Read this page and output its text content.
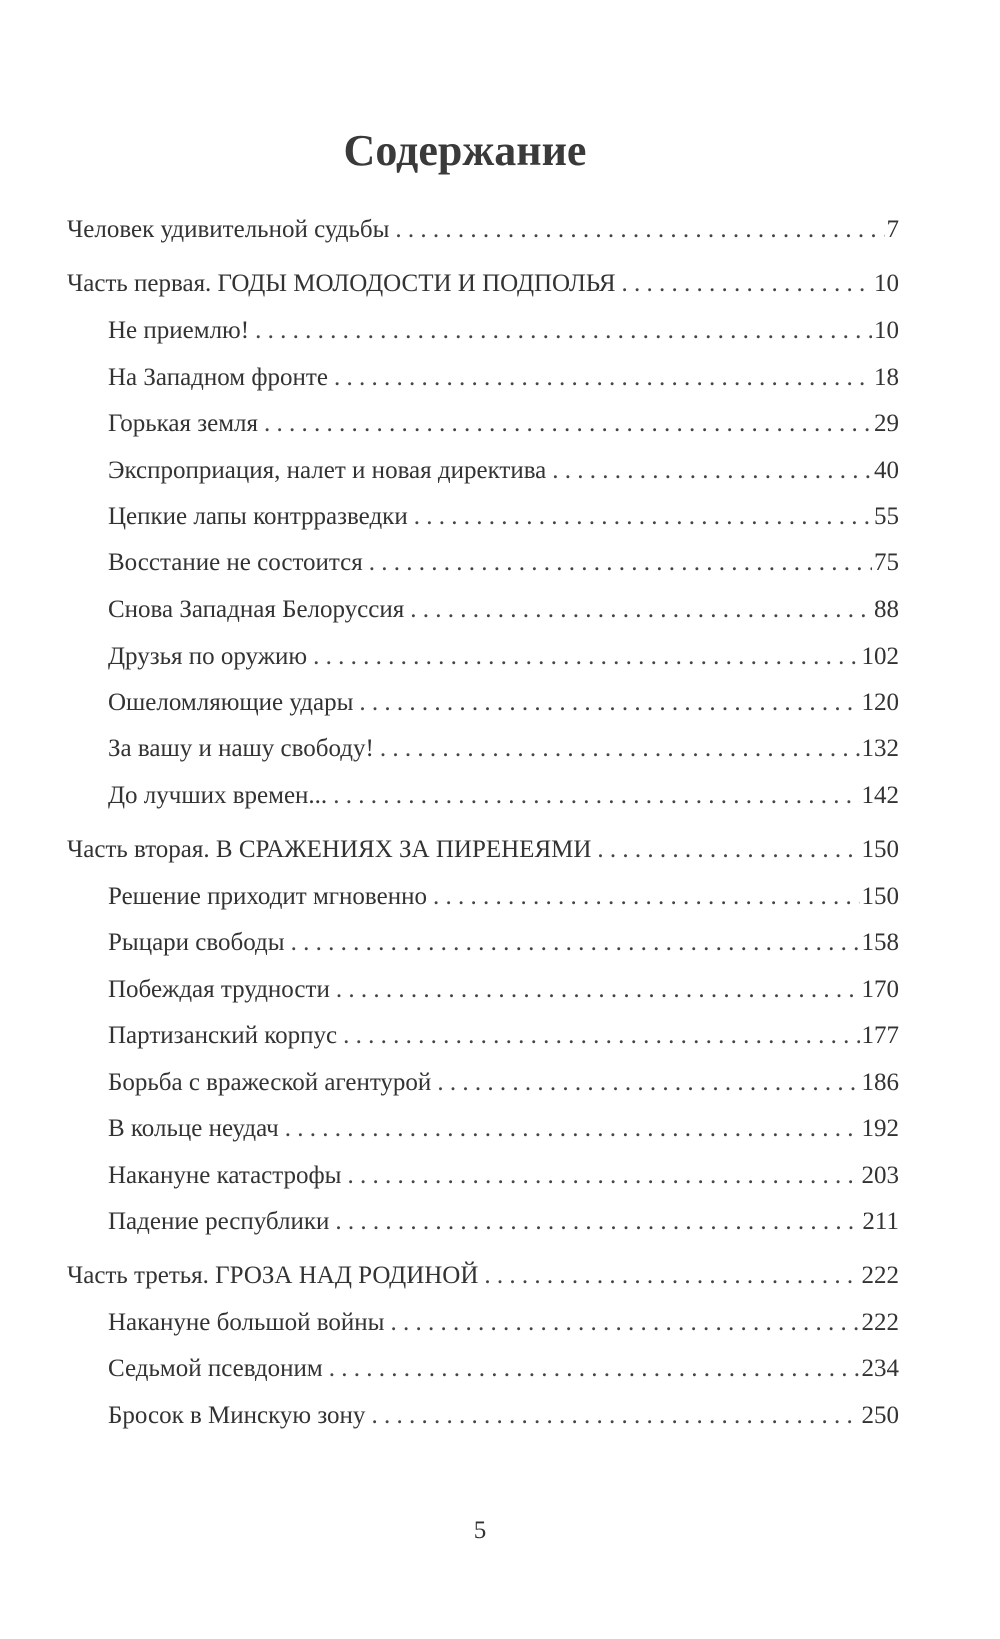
Содержание
Человек удивительной судьбы . . .	7
Часть первая. ГОДЫ МОЛОДОСТИ И ПОДПОЛЬЯ . . .	10
Не приемлю! . . .	10
На Западном фронте . . .	18
Горькая земля . . .	29
Экспроприация, налет и новая директива . . .	40
Цепкие лапы контрразведки . . .	55
Восстание не состоится . . .	75
Снова Западная Белоруссия . . .	88
Друзья по оружию . . .	102
Ошеломляющие удары . . .	120
За вашу и нашу свободу! . . .	132
До лучших времен... . . .	142
Часть вторая. В СРАЖЕНИЯХ ЗА ПИРЕНЕЯМИ . . .	150
Решение приходит мгновенно . . .	150
Рыцари свободы . . .	158
Побеждая трудности . . .	170
Партизанский корпус . . .	177
Борьба с вражеской агентурой . . .	186
В кольце неудач . . .	192
Накануне катастрофы . . .	203
Падение республики . . .	211
Часть третья. ГРОЗА НАД РОДИНОЙ . . .	222
Накануне большой войны . . .	222
Седьмой псевдоним . . .	234
Бросок в Минскую зону . . .	250
5
